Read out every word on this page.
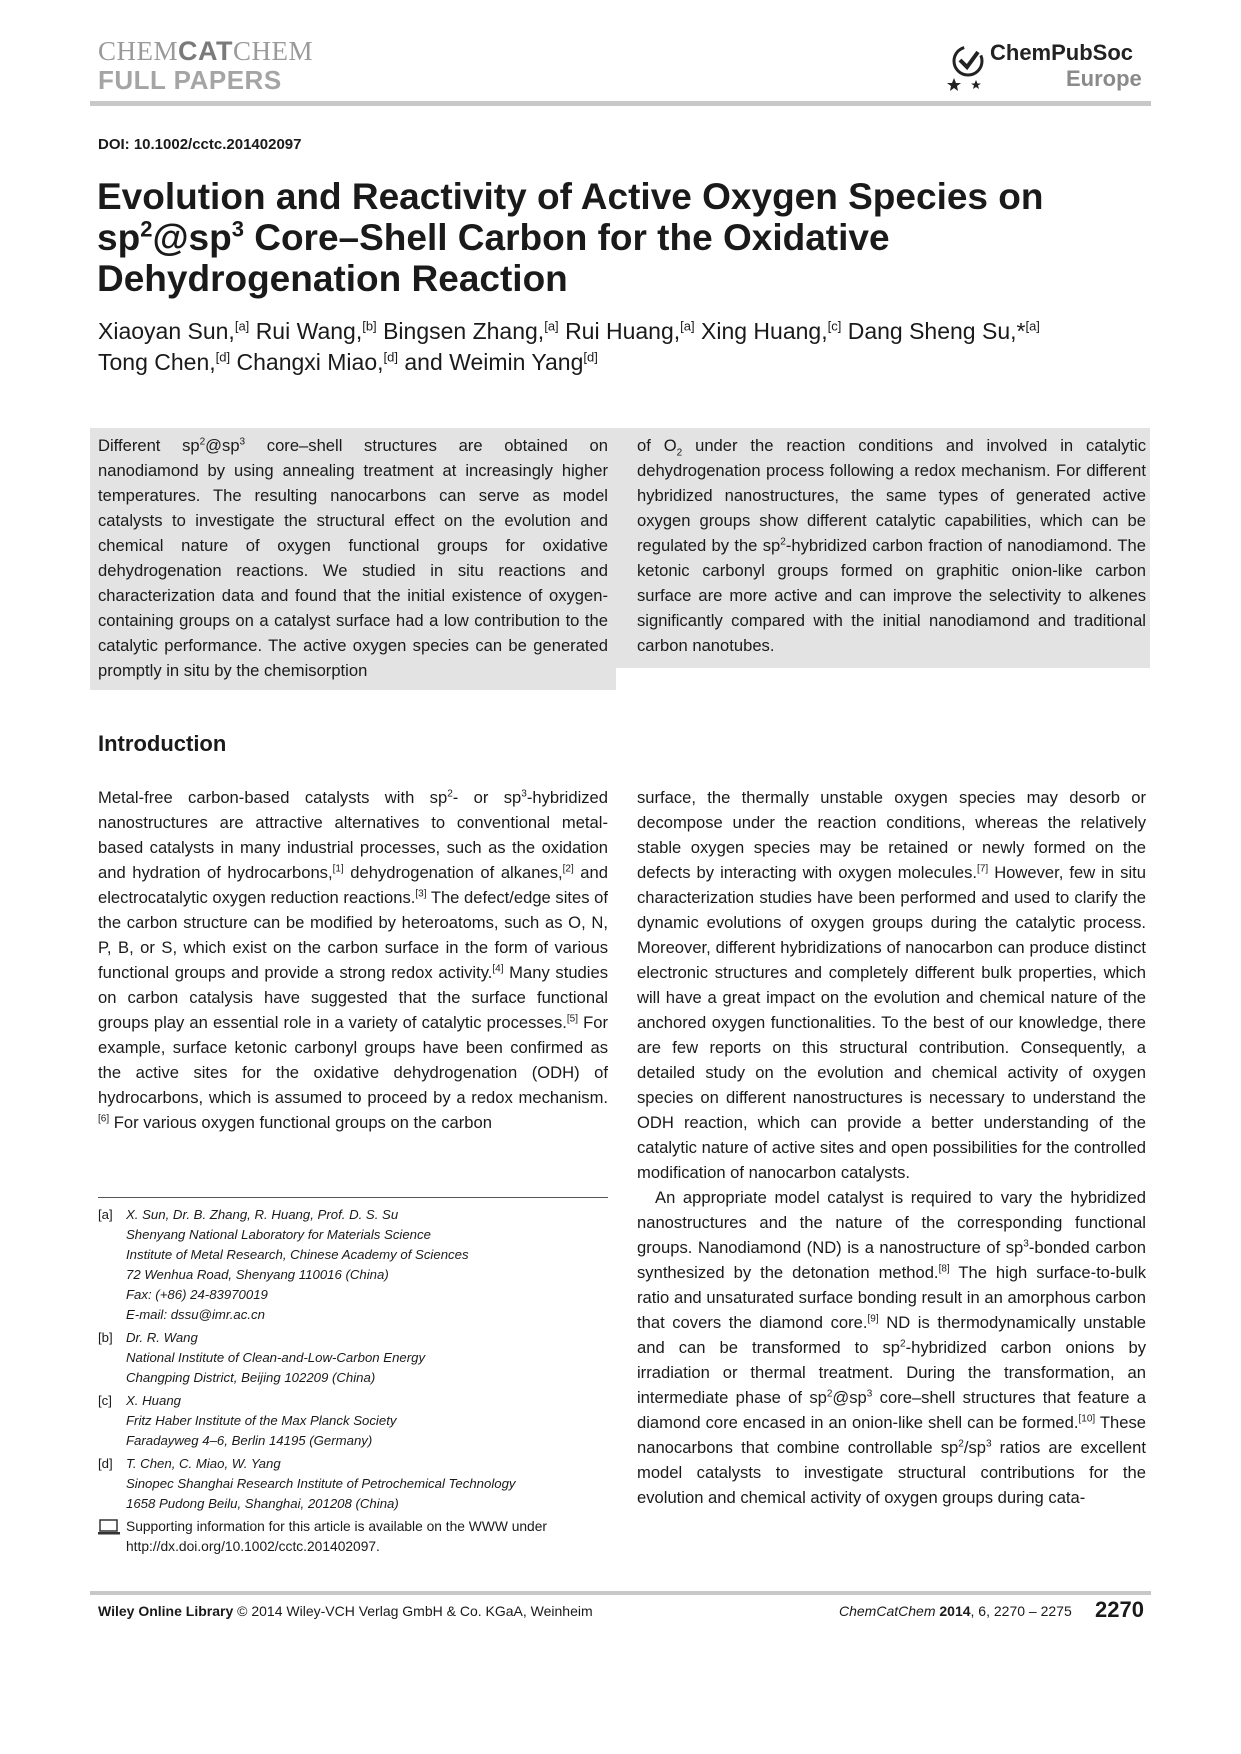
CHEMCATCHEM
FULL PAPERS
ChemPubSoc
Europe
DOI: 10.1002/cctc.201402097
Evolution and Reactivity of Active Oxygen Species on $sp^2@sp^3$ Core–Shell Carbon for the Oxidative Dehydrogenation Reaction
Xiaoyan Sun,[a] Rui Wang,[b] Bingsen Zhang,[a] Rui Huang,[a] Xing Huang,[c] Dang Sheng Su,*[a]
Tong Chen,[d] Changxi Miao,[d] and Weimin Yang[d]
Different $sp^2@sp^3$ core–shell structures are obtained on nanodiamond by using annealing treatment at increasingly higher temperatures. The resulting nanocarbons can serve as model catalysts to investigate the structural effect on the evolution and chemical nature of oxygen functional groups for oxidative dehydrogenation reactions. We studied in situ reactions and characterization data and found that the initial existence of oxygen-containing groups on a catalyst surface had a low contribution to the catalytic performance. The active oxygen species can be generated promptly in situ by the chemisorption
of $O_2$ under the reaction conditions and involved in catalytic dehydrogenation process following a redox mechanism. For different hybridized nanostructures, the same types of generated active oxygen groups show different catalytic capabilities, which can be regulated by the $sp^2$-hybridized carbon fraction of nanodiamond. The ketonic carbonyl groups formed on graphitic onion-like carbon surface are more active and can improve the selectivity to alkenes significantly compared with the initial nanodiamond and traditional carbon nanotubes.
Introduction
Metal-free carbon-based catalysts with $sp^2-$ or $sp^3$-hybridized nanostructures are attractive alternatives to conventional metal-based catalysts in many industrial processes, such as the oxidation and hydration of hydrocarbons,[1] dehydrogenation of alkanes,[2] and electrocatalytic oxygen reduction reactions.[3] The defect/edge sites of the carbon structure can be modified by heteroatoms, such as O, N, P, B, or S, which exist on the carbon surface in the form of various functional groups and provide a strong redox activity.[4] Many studies on carbon catalysis have suggested that the surface functional groups play an essential role in a variety of catalytic processes.[5] For example, surface ketonic carbonyl groups have been confirmed as the active sites for the oxidative dehydrogenation (ODH) of hydrocarbons, which is assumed to proceed by a redox mechanism.[6] For various oxygen functional groups on the carbon

surface, the thermally unstable oxygen species may desorb or decompose under the reaction conditions, whereas the relatively stable oxygen species may be retained or newly formed on the defects by interacting with oxygen molecules.[7] However, few in situ characterization studies have been performed and used to clarify the dynamic evolutions of oxygen groups during the catalytic process. Moreover, different hybridizations of nanocarbon can produce distinct electronic structures and completely different bulk properties, which will have a great impact on the evolution and chemical nature of the anchored oxygen functionalities. To the best of our knowledge, there are few reports on this structural contribution. Consequently, a detailed study on the evolution and chemical activity of oxygen species on different nanostructures is necessary to understand the ODH reaction, which can provide a better understanding of the catalytic nature of active sites and open possibilities for the controlled modification of nanocarbon catalysts.

An appropriate model catalyst is required to vary the hybridized nanostructures and the nature of the corresponding functional groups. Nanodiamond (ND) is a nanostructure of $sp^3$-bonded carbon synthesized by the detonation method.[8] The high surface-to-bulk ratio and unsaturated surface bonding result in an amorphous carbon that covers the diamond core.[9] ND is thermodynamically unstable and can be transformed to $sp^2$-hybridized carbon onions by irradiation or thermal treatment. During the transformation, an intermediate phase of $sp^2@sp^3$ core–shell structures that feature a diamond core encased in an onion-like shell can be formed.[10] These nanocarbons that combine controllable $sp^2/sp^3$ ratios are excellent model catalysts to investigate structural contributions for the evolution and chemical activity of oxygen groups during cata-

[a] X. Sun, Dr. B. Zhang, R. Huang, Prof. D. S. Su
Shenyang National Laboratory for Materials Science
Institute of Metal Research, Chinese Academy of Sciences
72 Wenhua Road, Shenyang 110016 (China)
Fax: (+86) 24-83970019
E-mail: dssu@imr.ac.cn
[b] Dr. R. Wang
National Institute of Clean-and-Low-Carbon Energy
Changping District, Beijing 102209 (China)
[c] X. Huang
Fritz Haber Institute of the Max Planck Society
Faradayweg 4–6, Berlin 14195 (Germany)
[d] T. Chen, C. Miao, W. Yang
Sinopec Shanghai Research Institute of Petrochemical Technology
1658 Pudong Beilu, Shanghai, 201208 (China)
Supporting information for this article is available on the WWW under http://dx.doi.org/10.1002/cctc.201402097.
Wiley Online Library © 2014 Wiley-VCH Verlag GmbH & Co. KGaA, Weinheim	ChemCatChem 2014, 6, 2270 – 2275 2270
